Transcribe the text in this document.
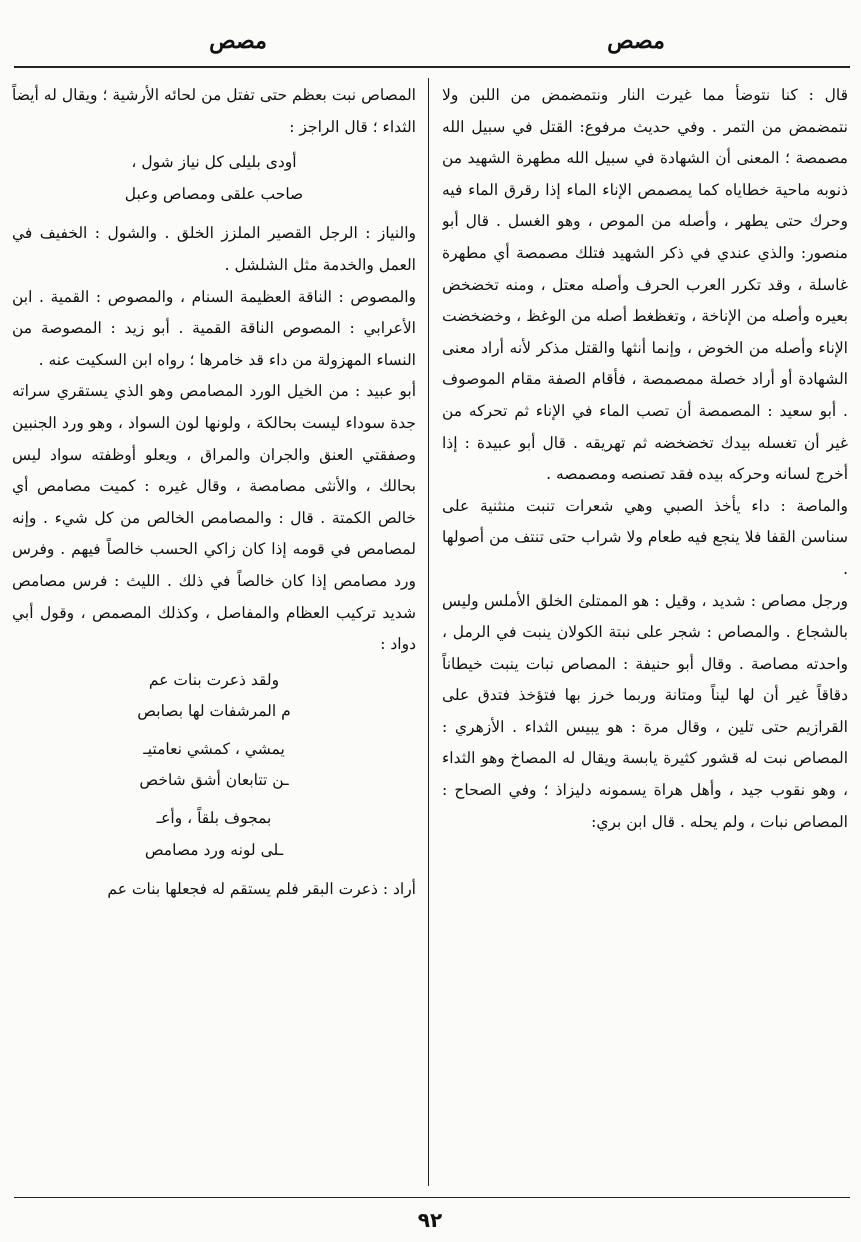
مصص
مصص

قال : كنا نتوضأ مما غيرت النار ونتمضمض من اللبن ولا نتمضمض من التمر . وفي حديث مرفوع: القتل في سبيل الله مصمصة ؛ المعنى أن الشهادة في سبيل الله مطهرة الشهيد من ذنوبه ماحية خطاياه كما يمصمص الإناء الماء إذا رقرق الماء فيه وحرك حتى يطهر ، وأصله من الموص ، وهو الغسل . قال أبو منصور: والذي عندي في ذكر الشهيد فتلك مصمصة أي مطهرة غاسلة ، وقد تكرر العرب الحرف وأصله معتل ، ومنه تخضخض بعيره وأصله من الإناخة ، وتغظغط أصله من الوغظ ، وخضخضت الإناء وأصله من الخوض ، وإنما أنثها والقتل مذكر لأنه أراد معنى الشهادة أو أراد خصلة ممصمصة ، فأقام الصفة مقام الموصوف . أبو سعيد : المصمصة أن تصب الماء في الإناء ثم تحركه من غير أن تغسله بيدك تخضخضه ثم تهريقه . قال أبو عبيدة : إذا أخرج لسانه وحركه بيده فقد تصنصه ومصمصه .

والماصة : داء يأخذ الصبي وهي شعرات تنبت منثنية على سناسن القفا فلا ينجع فيه طعام ولا شراب حتى تنتف من أصولها .

ورجل مصاص : شديد ، وقيل : هو الممتلئ الخلق الأملس وليس بالشجاع . والمصاص : شجر على نبتة الكولان ينبت في الرمل ، واحدته مصاصة . وقال أبو حنيفة : المصاص نبات ينبت خيطاناً دقاقاً غير أن لها ليناً ومتانة وربما خرز بها فتؤخذ فتدق على القرازيم حتى تلين ، وقال مرة : هو يبيس الثداء . الأزهري : المصاص نبت له قشور كثيرة يابسة ويقال له المصاخ وهو الثداء ، وهو نقوب جيد ، وأهل هراة يسمونه دليزاذ ؛ وفي الصحاح : المصاص نبات ، ولم يحله . قال ابن بري:

المصاص نبت بعظم حتى تفتل من لحائه الأرشية ؛ ويقال له أيضاً الثداء ؛ قال الراجز :

أودى بليلى كل نياز شول ،

صاحب علقى ومصاص وعبل

والنياز : الرجل القصير الملزز الخلق . والشول : الخفيف في العمل والخدمة مثل الشلشل .

والمصوص : الناقة العظيمة السنام ، والمصوص : القمية . ابن الأعرابي : المصوص الناقة القمية . أبو زيد : المصوصة من النساء المهزولة من داء قد خامرها ؛ رواه ابن السكيت عنه .

أبو عبيد : من الخيل الورد المصامص وهو الذي يستقري سراته جدة سوداء ليست بحالكة ، ولونها لون السواد ، وهو ورد الجنبين وصفقتي العنق والجران والمراق ، ويعلو أوظفته سواد ليس بحالك ، والأنثى مصامصة ، وقال غيره : كميت مصامص أي خالص الكمتة . قال : والمصامص الخالص من كل شيء . وإنه لمصامص في قومه إذا كان زاكي الحسب خالصاً فيهم . وفرس ورد مصامص إذا كان خالصاً في ذلك . الليث : فرس مصامص شديد تركيب العظام والمفاصل ، وكذلك المصمص ، وقول أبي دواد :

ولقد ذعرت بنات عم

م المرشفات لها بصابص

يمشي ، كمشي نعامتيـ

ـن تتابعان أشق شاخص

بمجوف بلقاً ، وأعـ

ـلى لونه ورد مصامص

أراد : ذعرت البقر فلم يستقم له فجعلها بنات عم

٩٢
